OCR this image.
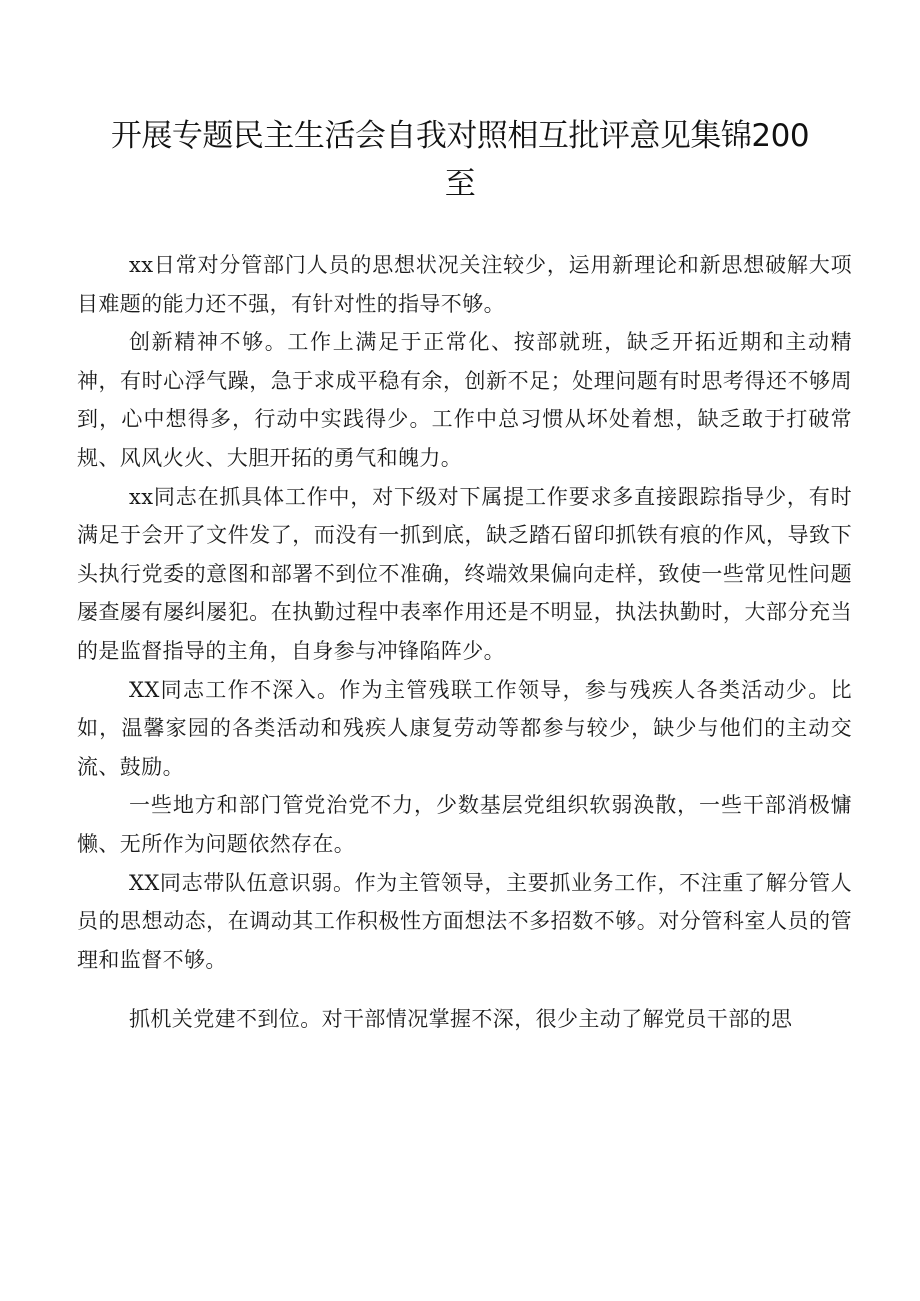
开展专题民主生活会自我对照相互批评意见集锦200至

xx日常对分管部门人员的思想状况关注较少，运用新理论和新思想破解大项目难题的能力还不强，有针对性的指导不够。

创新精神不够。工作上满足于正常化、按部就班，缺乏开拓近期和主动精神，有时心浮气躁，急于求成平稳有余，创新不足；处理问题有时思考得还不够周到，心中想得多，行动中实践得少。工作中总习惯从坏处着想，缺乏敢于打破常规、风风火火、大胆开拓的勇气和魄力。

xx同志在抓具体工作中，对下级对下属提工作要求多直接跟踪指导少，有时满足于会开了文件发了，而没有一抓到底，缺乏踏石留印抓铁有痕的作风，导致下头执行党委的意图和部署不到位不准确，终端效果偏向走样，致使一些常见性问题屡查屡有屡纠屡犯。在执勤过程中表率作用还是不明显，执法执勤时，大部分充当的是监督指导的主角，自身参与冲锋陷阵少。

XX同志工作不深入。作为主管残联工作领导，参与残疾人各类活动少。比如，温馨家园的各类活动和残疾人康复劳动等都参与较少，缺少与他们的主动交流、鼓励。

一些地方和部门管党治党不力，少数基层党组织软弱涣散，一些干部消极慵懒、无所作为问题依然存在。

XX同志带队伍意识弱。作为主管领导，主要抓业务工作，不注重了解分管人员的思想动态，在调动其工作积极性方面想法不多招数不够。对分管科室人员的管理和监督不够。

抓机关党建不到位。对干部情况掌握不深，很少主动了解党员干部的思
